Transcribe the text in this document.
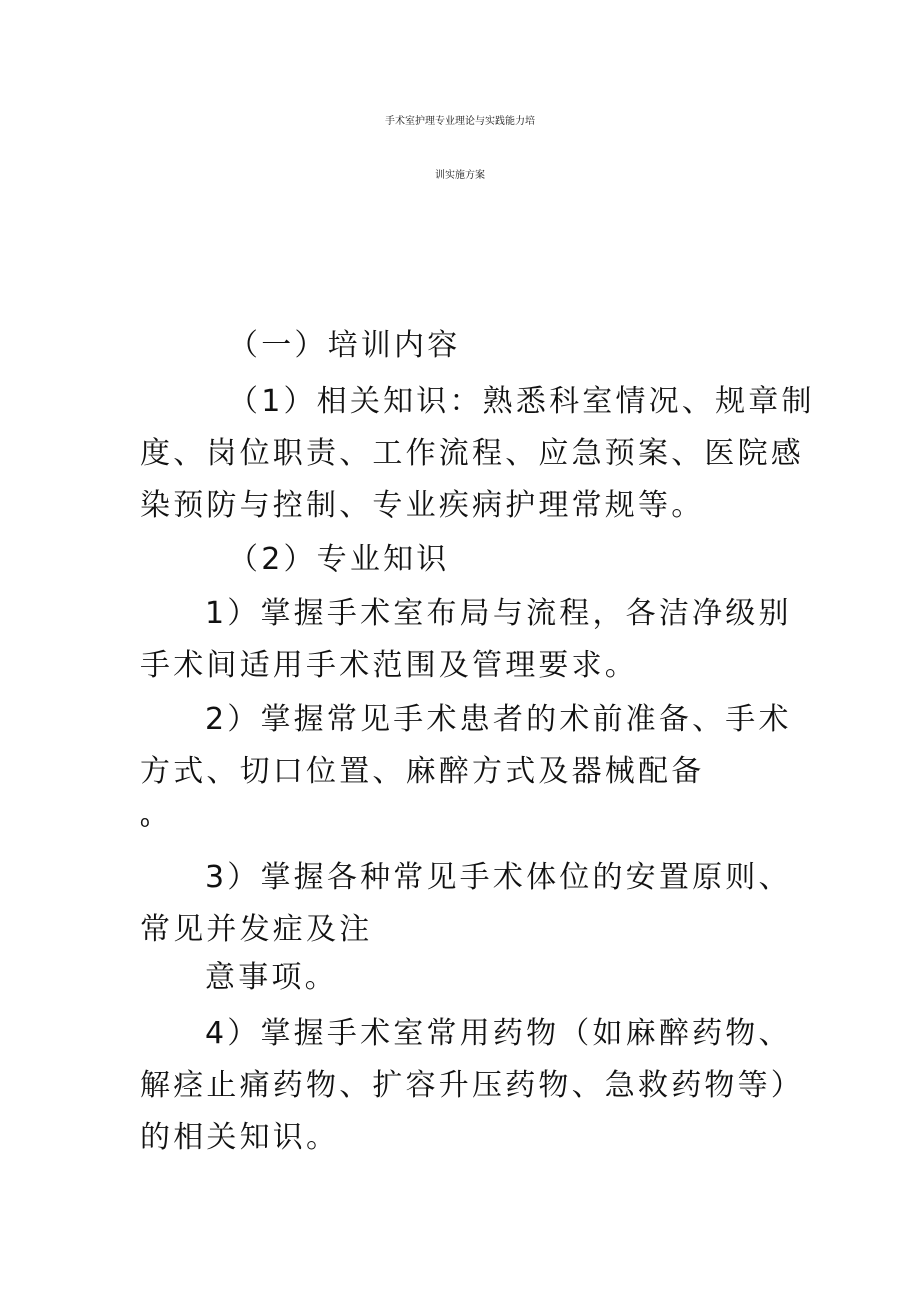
手术室护理专业理论与实践能力培
训实施方案
（一）培训内容
（1）相关知识：熟悉科室情况、规章制
度、岗位职责、工作流程、应急预案、医院感
染预防与控制、专业疾病护理常规等。
（2）专业知识
1）掌握手术室布局与流程，各洁净级别
手术间适用手术范围及管理要求。
2）掌握常见手术患者的术前准备、手术
方式、切口位置、麻醉方式及器械配备
o
3）掌握各种常见手术体位的安置原则、
常见并发症及注
意事项。
4）掌握手术室常用药物（如麻醉药物、
解痉止痛药物、扩容升压药物、急救药物等）
的相关知识。
